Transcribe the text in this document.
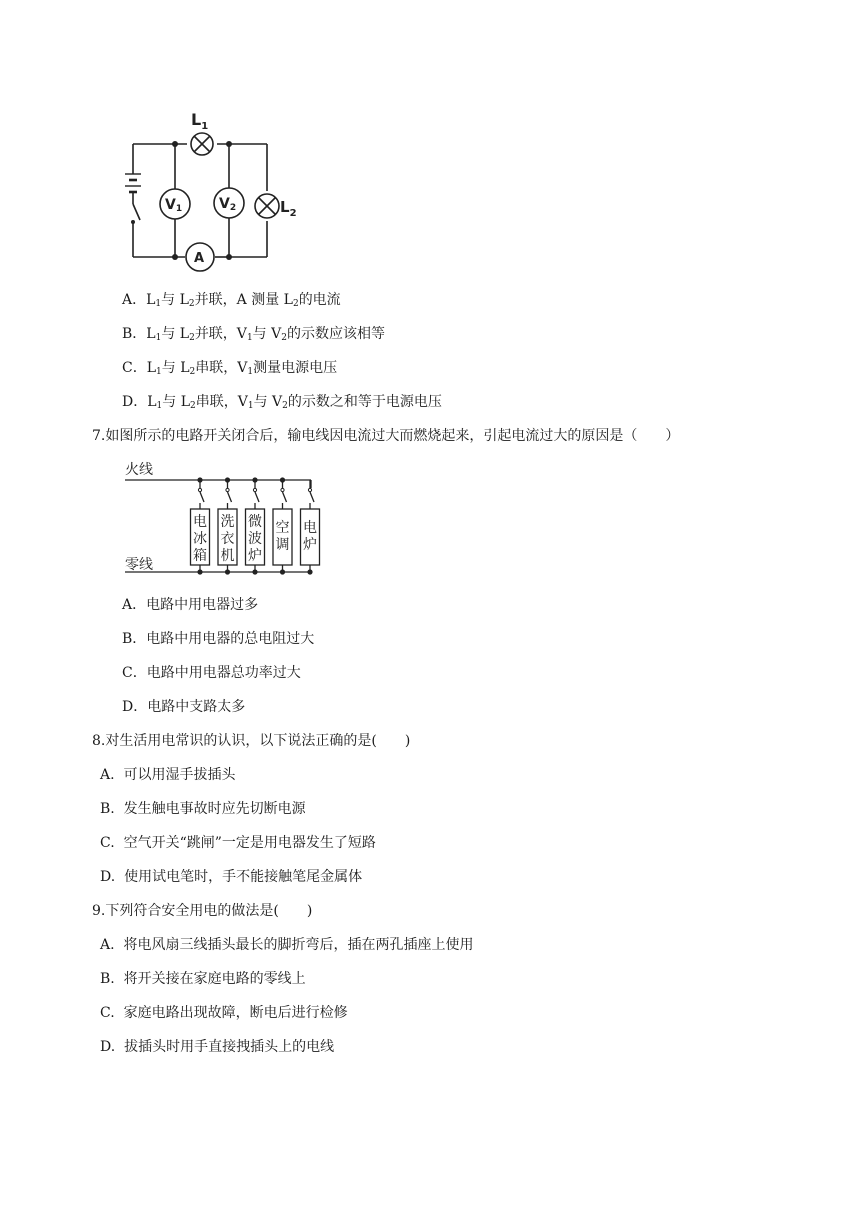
$L_1$
$L_2$
V1	V2
A
A．$L_1$与 $L_2$并联，A 测量 $L_2$的电流
B．$L_1$与 $L_2$并联，$V_1$与 $V_2$的示数应该相等
C．$L_1$与 $L_2$串联，$V_1$测量电源电压
D．$L_1$与 $L_2$串联，$V_1$与 $V_2$的示数之和等于电源电压
7.如图所示的电路开关闭合后，输电线因电流过大而燃烧起来，引起电流过大的原因是（　　）
火线
零线
电
冰
箱
洗
衣
机
微
波
炉
空
调
电
炉
A．电路中用电器过多
B．电路中用电器的总电阻过大
C．电路中用电器总功率过大
D．电路中支路太多
8.对生活用电常识的认识，以下说法正确的是(　　)
A. 可以用湿手拔插头
B. 发生触电事故时应先切断电源
C. 空气开关“跳闸”一定是用电器发生了短路
D. 使用试电笔时，手不能接触笔尾金属体
9.下列符合安全用电的做法是(　　)
A. 将电风扇三线插头最长的脚折弯后，插在两孔插座上使用
B. 将开关接在家庭电路的零线上
C. 家庭电路出现故障，断电后进行检修
D. 拔插头时用手直接拽插头上的电线
